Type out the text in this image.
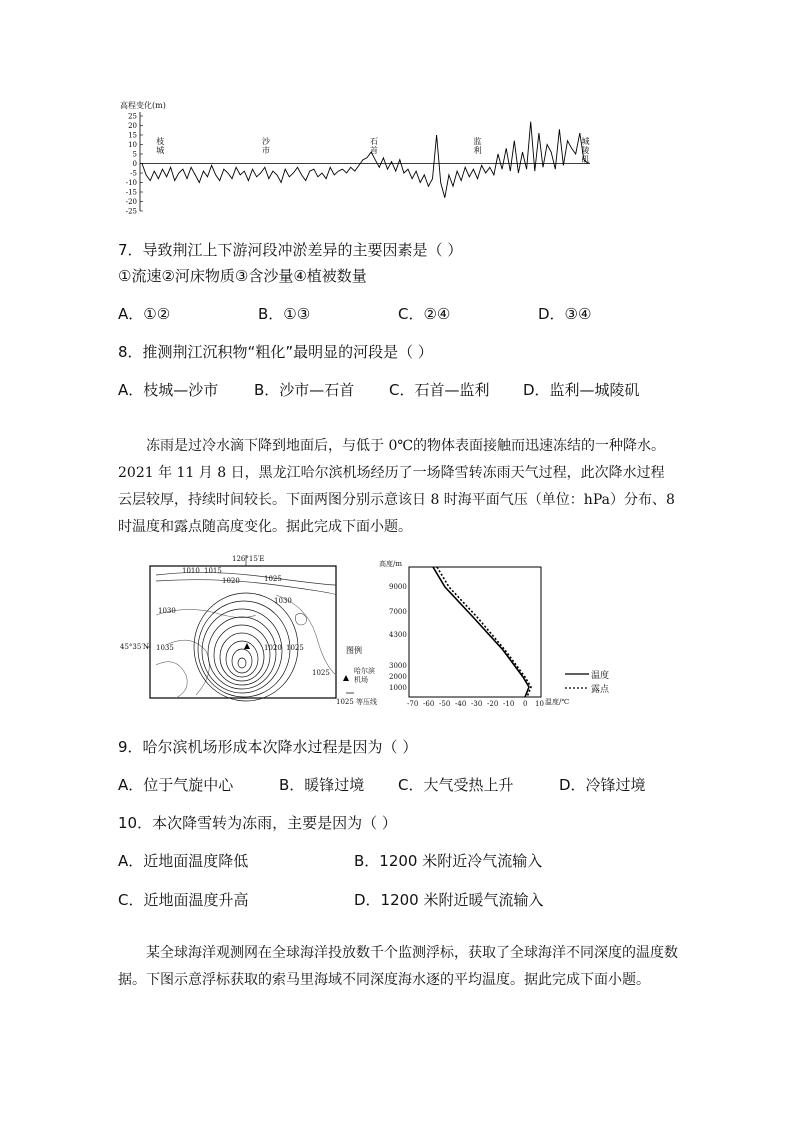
高程变化(m)
25
20
15
10
5
0
-5
-10
-15
-20
-25
枝
城
沙
市
石
首
监
利
城
陵
矶
7．导致荆江上下游河段冲淤差异的主要因素是（ ）
①流速②河床物质③含沙量④植被数量
A．①②	B．①③	C．②④	D．③④
8．推测荆江沉积物“粗化”最明显的河段是（ ）
A．枝城—沙市 B．沙市—石首 C．石首—监利 D．监利—城陵矶

冻雨是过冷水滴下降到地面后，与低于 0℃的物体表面接触而迅速冻结的一种降水。2021 年 11 月 8 日，黑龙江哈尔滨机场经历了一场降雪转冻雨天气过程，此次降水过程云层较厚，持续时间较长。下面两图分别示意该日 8 时海平面气压（单位：hPa）分布、8 时温度和露点随高度变化。据此完成下面小题。

图例
126°15′E
45°35′N
1010 1015
1020	1025
1030
1030
1035	1020 1025
1025	哈尔滨机场
1025 等压线
高度/m
9000
7000
4300
3000
2000
1000
-70 -60 -50 -40 -30 -20 -10 0 10 温度/℃
温度
露点
9．哈尔滨机场形成本次降水过程是因为（ ）
A．位于气旋中心	B．暖锋过境 C．大气受热上升	D．冷锋过境
10．本次降雪转为冻雨，主要是因为（ ）
A．近地面温度降低	B．1200 米附近冷气流输入
C．近地面温度升高	D．1200 米附近暖气流输入

某全球海洋观测网在全球海洋投放数千个监测浮标，获取了全球海洋不同深度的温度数据。下图示意浮标获取的索马里海域不同深度海水逐的平均温度。据此完成下面小题。
